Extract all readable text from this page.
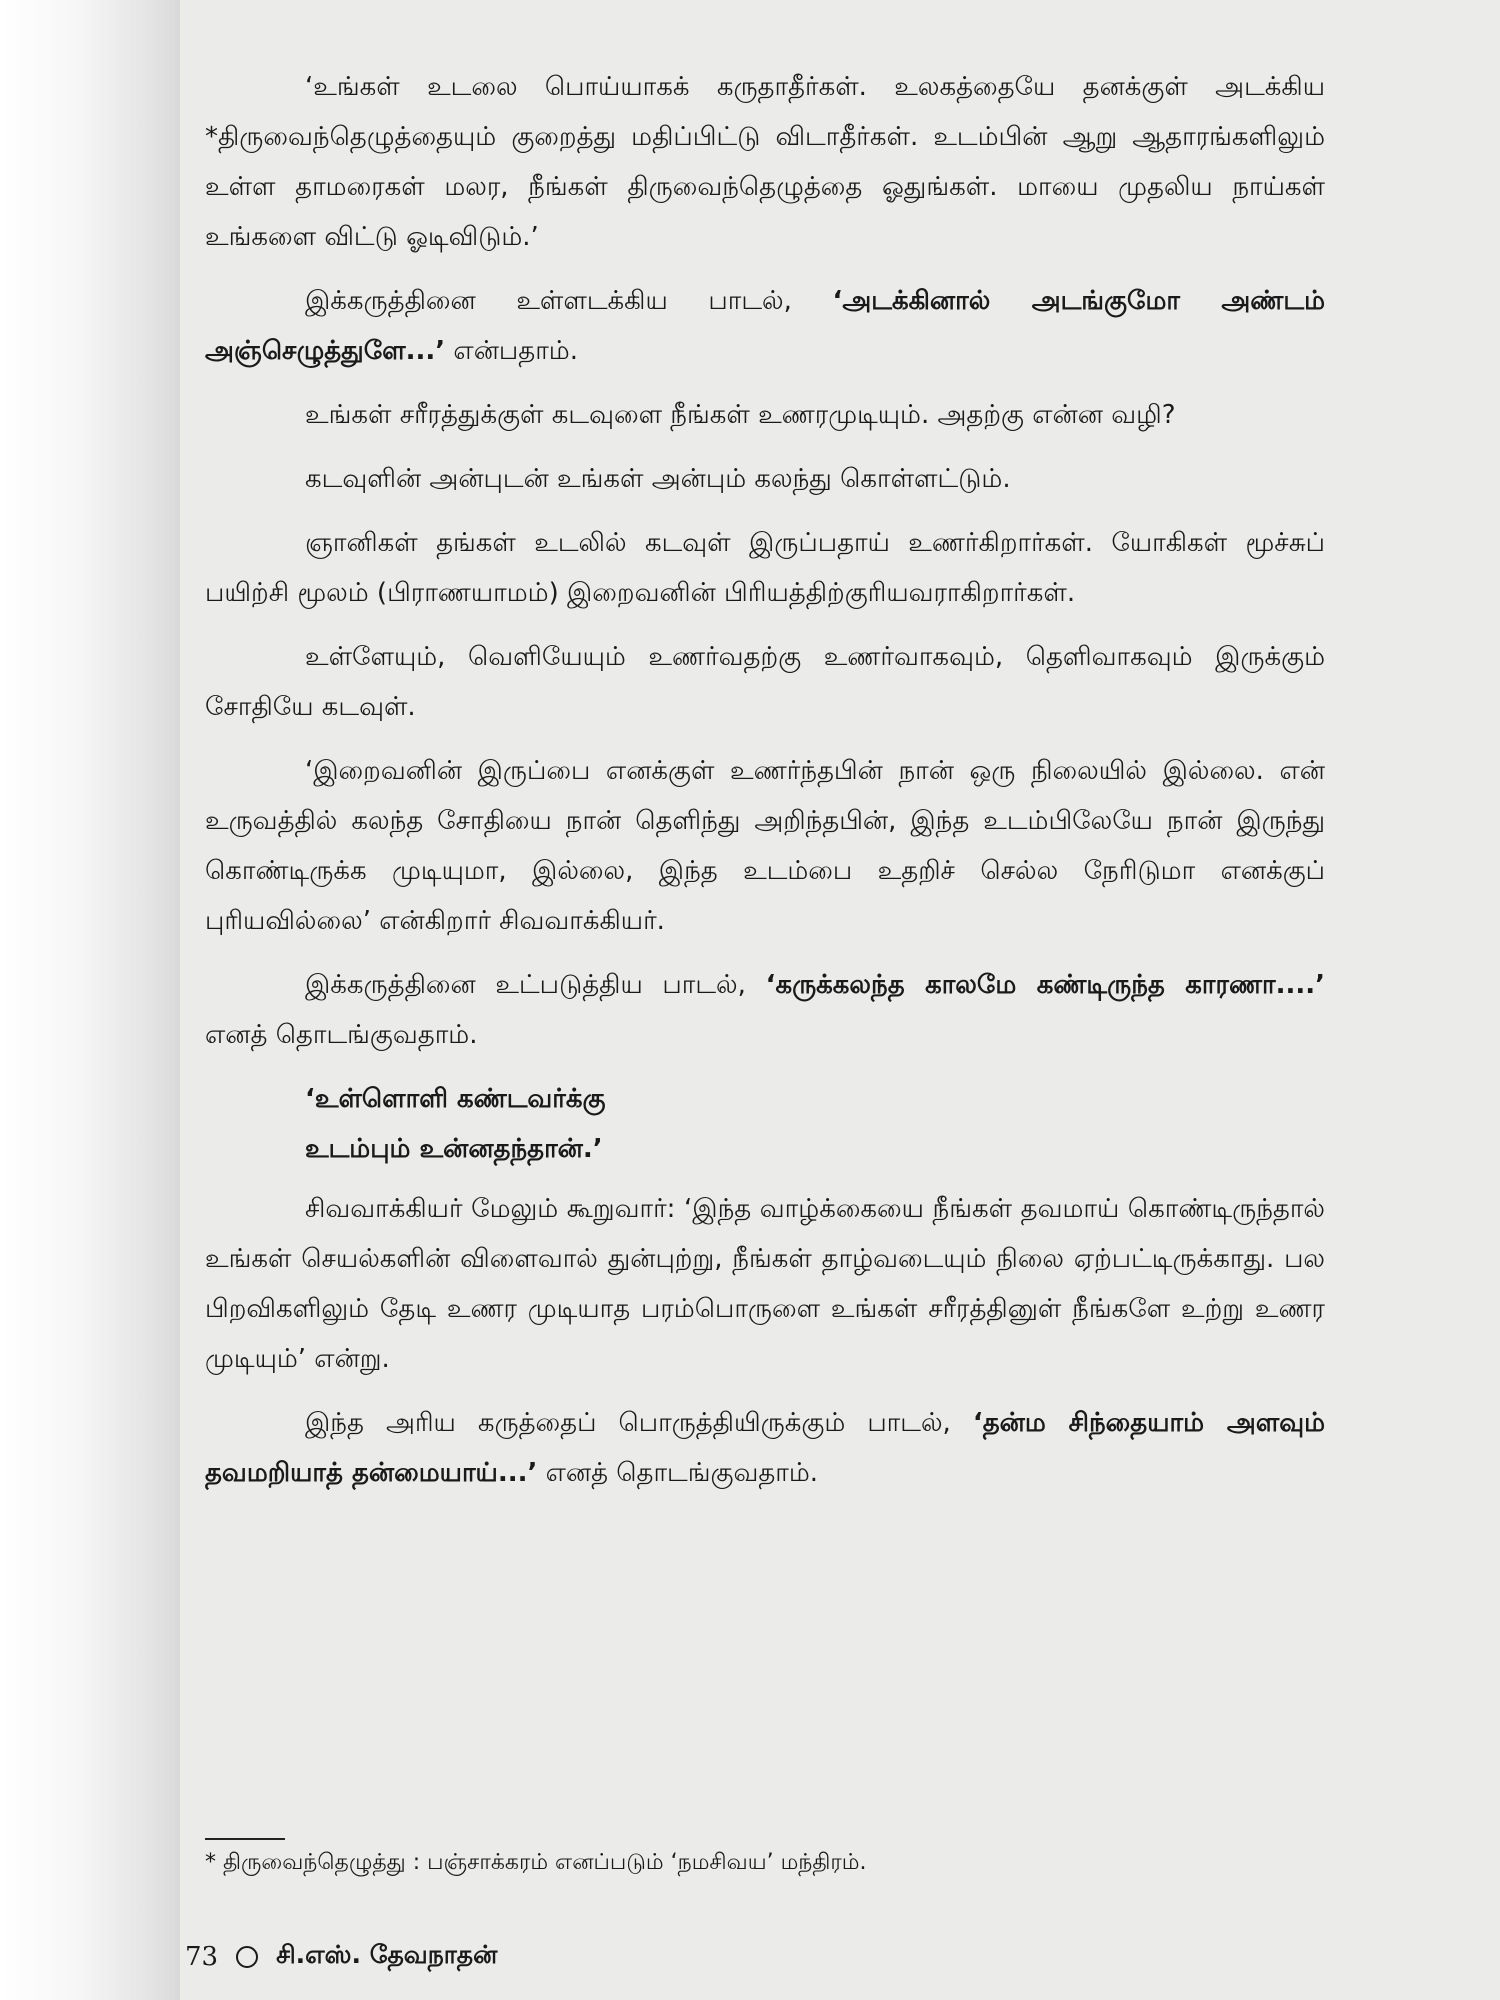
‘உங்கள் உடலை பொய்யாகக் கருதாதீர்கள். உலகத்தையே தனக்குள் அடக்கிய *திருவைந்தெழுத்தையும் குறைத்து மதிப்பிட்டு விடாதீர்கள். உடம்பின் ஆறு ஆதாரங்களிலும் உள்ள தாமரைகள் மலர, நீங்கள் திருவைந்தெழுத்தை ஓதுங்கள். மாயை முதலிய நாய்கள் உங்களை விட்டு ஓடிவிடும்.’

இக்கருத்தினை உள்ளடக்கிய பாடல், ‘அடக்கினால் அடங்குமோ அண்டம் அஞ்செழுத்துளே...’ என்பதாம்.

உங்கள் சரீரத்துக்குள் கடவுளை நீங்கள் உணரமுடியும். அதற்கு என்ன வழி?

கடவுளின் அன்புடன் உங்கள் அன்பும் கலந்து கொள்ளட்டும்.

ஞானிகள் தங்கள் உடலில் கடவுள் இருப்பதாய் உணர்கிறார்கள். யோகிகள் மூச்சுப் பயிற்சி மூலம் (பிராணயாமம்) இறைவனின் பிரியத்திற்குரியவராகிறார்கள்.

உள்ளேயும், வெளியேயும் உணர்வதற்கு உணர்வாகவும், தெளிவாகவும் இருக்கும் சோதியே கடவுள்.

‘இறைவனின் இருப்பை எனக்குள் உணர்ந்தபின் நான் ஒரு நிலையில் இல்லை. என் உருவத்தில் கலந்த சோதியை நான் தெளிந்து அறிந்தபின், இந்த உடம்பிலேயே நான் இருந்து கொண்டிருக்க முடியுமா, இல்லை, இந்த உடம்பை உதறிச் செல்ல நேரிடுமா எனக்குப் புரியவில்லை’ என்கிறார் சிவவாக்கியர்.

இக்கருத்தினை உட்படுத்திய பாடல், ‘கருக்கலந்த காலமே கண்டிருந்த காரணா....’ எனத் தொடங்குவதாம்.

‘உள்ளொளி கண்டவர்க்கு
உடம்பும் உன்னதந்தான்.’

சிவவாக்கியர் மேலும் கூறுவார்: ‘இந்த வாழ்க்கையை நீங்கள் தவமாய் கொண்டிருந்தால் உங்கள் செயல்களின் விளைவால் துன்புற்று, நீங்கள் தாழ்வடையும் நிலை ஏற்பட்டிருக்காது. பல பிறவிகளிலும் தேடி உணர முடியாத பரம்பொருளை உங்கள் சரீரத்தினுள் நீங்களே உற்று உணர முடியும்’ என்று.

இந்த அரிய கருத்தைப் பொருத்தியிருக்கும் பாடல், ‘தன்ம சிந்தையாம் அளவும் தவமறியாத் தன்மையாய்...’ எனத் தொடங்குவதாம்.

* திருவைந்தெழுத்து : பஞ்சாக்கரம் எனப்படும் ‘நமசிவய’ மந்திரம்.
73 சி.எஸ். தேவநாதன்
